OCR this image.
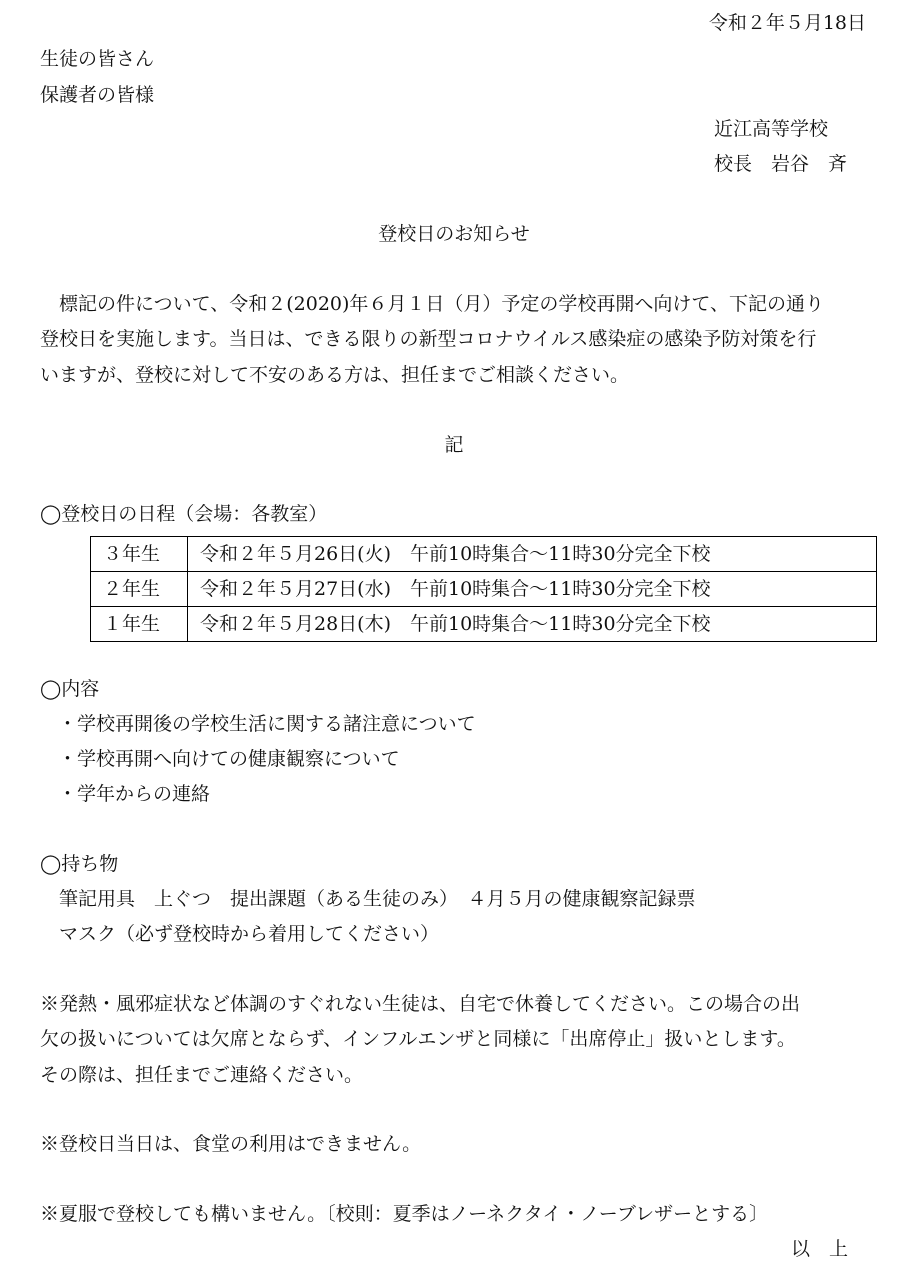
令和２年５月18日
生徒の皆さん
保護者の皆様
近江高等学校
校長　岩谷　斉
登校日のお知らせ
　標記の件について、令和２(2020)年６月１日（月）予定の学校再開へ向けて、下記の通り
登校日を実施します。当日は、できる限りの新型コロナウイルス感染症の感染予防対策を行
いますが、登校に対して不安のある方は、担任までご相談ください。
記
◯登校日の日程（会場：各教室）
３年生	令和２年５月26日(火)　午前10時集合～11時30分完全下校
２年生	令和２年５月27日(水)　午前10時集合～11時30分完全下校
１年生	令和２年５月28日(木)　午前10時集合～11時30分完全下校
◯内容
・学校再開後の学校生活に関する諸注意について
・学校再開へ向けての健康観察について
・学年からの連絡
◯持ち物
　筆記用具　上ぐつ　提出課題（ある生徒のみ）　４月５月の健康観察記録票
　マスク（必ず登校時から着用してください）
※発熱・風邪症状など体調のすぐれない生徒は、自宅で休養してください。この場合の出
欠の扱いについては欠席とならず、インフルエンザと同様に「出席停止」扱いとします。
その際は、担任までご連絡ください。
※登校日当日は、食堂の利用はできません。
※夏服で登校しても構いません。〔校則：夏季はノーネクタイ・ノーブレザーとする〕
以　上
